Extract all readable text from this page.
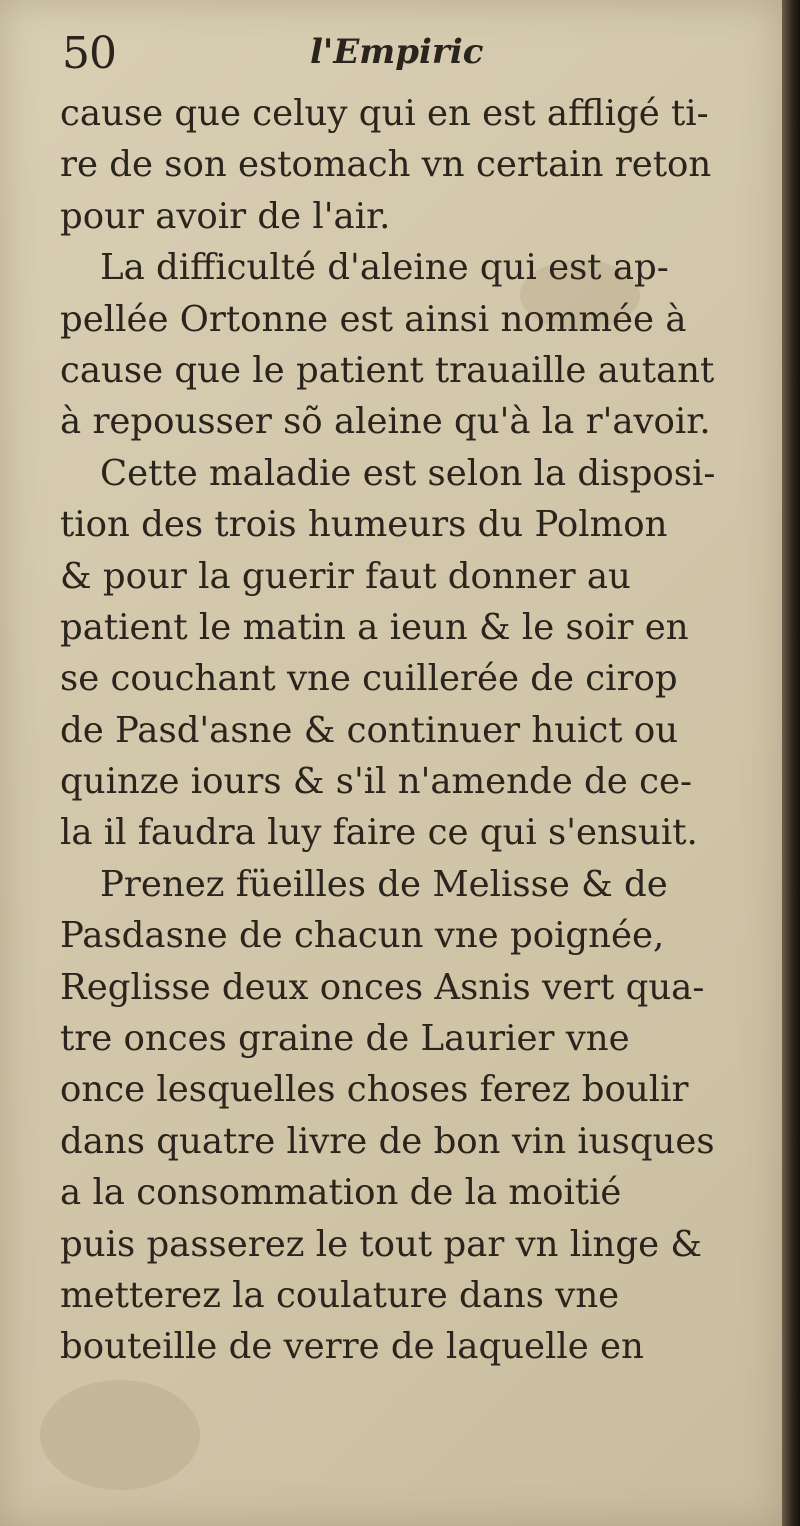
50	l'Empiric
cause que celuy qui en est affligé ti-
re de son estomach vn certain reton
pour avoir de l'air.
La difficulté d'aleine qui est ap-
pellée Ortonne est ainsi nommée à
cause que le patient trauaille autant
à repousser sõ aleine qu'à la r'avoir.
Cette maladie est selon la disposi-
tion des trois humeurs du Polmon
& pour la guerir faut donner au
patient le matin a ieun & le soir en
se couchant vne cuillerée de cirop
de Pasd'asne & continuer huict ou
quinze iours & s'il n'amende de ce-
la il faudra luy faire ce qui s'ensuit.
Prenez füeilles de Melisse & de
Pasdasne de chacun vne poignée,
Reglisse deux onces Asnis vert qua-
tre onces graine de Laurier vne
once lesquelles choses ferez boulir
dans quatre livre de bon vin iusques
a la consommation de la moitié
puis passerez le tout par vn linge &
metterez la coulature dans vne
bouteille de verre de laquelle en
